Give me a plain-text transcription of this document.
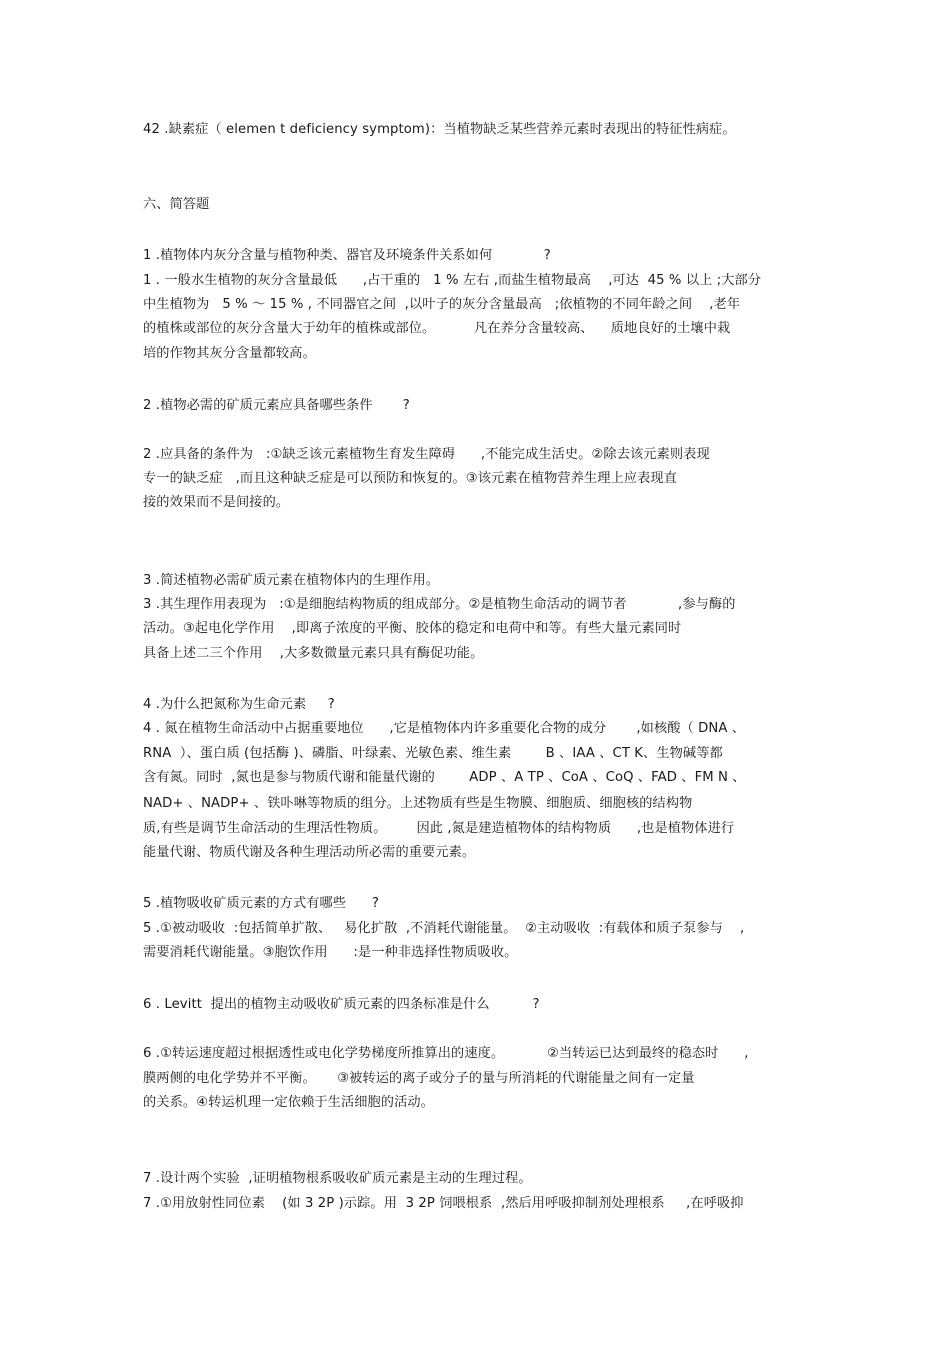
42 .缺素症（ elemen t deficiency symptom)：当植物缺乏某些营养元素时表现出的特征性病症。
六、简答题
1 .植物体内灰分含量与植物种类、器官及环境条件关系如何            ?
1 . 一般水生植物的灰分含量最低      ,占干重的   1 % 左右 ,而盐生植物最高    ,可达  45 % 以上 ;大部分
中生植物为   5 % ～ 15 % , 不同器官之间  ,以叶子的灰分含量最高   ;依植物的不同年龄之间    ,老年
的植株或部位的灰分含量大于幼年的植株或部位。         凡在养分含量较高、    质地良好的土壤中栽
培的作物其灰分含量都较高。
2 .植物必需的矿质元素应具备哪些条件       ?
2 .应具备的条件为   :①缺乏该元素植物生育发生障碍      ,不能完成生活史。②除去该元素则表现
专一的缺乏症   ,而且这种缺乏症是可以预防和恢复的。③该元素在植物营养生理上应表现直
接的效果而不是间接的。
3 .简述植物必需矿质元素在植物体内的生理作用。
3 .其生理作用表现为   :①是细胞结构物质的组成部分。②是植物生命活动的调节者            ,参与酶的
活动。③起电化学作用    ,即离子浓度的平衡、胶体的稳定和电荷中和等。有些大量元素同时
具备上述二三个作用    ,大多数微量元素只具有酶促功能。
4 .为什么把氮称为生命元素     ?
4 . 氮在植物生命活动中占据重要地位      ,它是植物体内许多重要化合物的成分       ,如核酸（ DNA 、
RNA  ）、蛋白质 (包括酶 )、磷脂、叶绿素、光敏色素、维生素        B 、IAA 、CT K、生物碱等都
含有氮。同时  ,氮也是参与物质代谢和能量代谢的        ADP 、A TP 、CoA 、CoQ 、FAD 、FM N 、
NAD+ 、NADP+ 、铁卟啉等物质的组分。上述物质有些是生物膜、细胞质、细胞核的结构物
质,有些是调节生命活动的生理活性物质。       因此 ,氮是建造植物体的结构物质      ,也是植物体进行
能量代谢、物质代谢及各种生理活动所必需的重要元素。
5 .植物吸收矿质元素的方式有哪些      ?
5 .①被动吸收  :包括简单扩散、   易化扩散  ,不消耗代谢能量。  ②主动吸收  :有载体和质子泵参与    ,
需要消耗代谢能量。③胞饮作用      :是一种非选择性物质吸收。
6 . Levitt  提出的植物主动吸收矿质元素的四条标准是什么          ?
6 .①转运速度超过根据透性或电化学势梯度所推算出的速度。          ②当转运已达到最终的稳态时      ,
膜两侧的电化学势并不平衡。     ③被转运的离子或分子的量与所消耗的代谢能量之间有一定量
的关系。④转运机理一定依赖于生活细胞的活动。
7 .设计两个实验  ,证明植物根系吸收矿质元素是主动的生理过程。
7 .①用放射性同位素    (如 3 2P )示踪。用  3 2P 饲喂根系  ,然后用呼吸抑制剂处理根系     ,在呼吸抑
